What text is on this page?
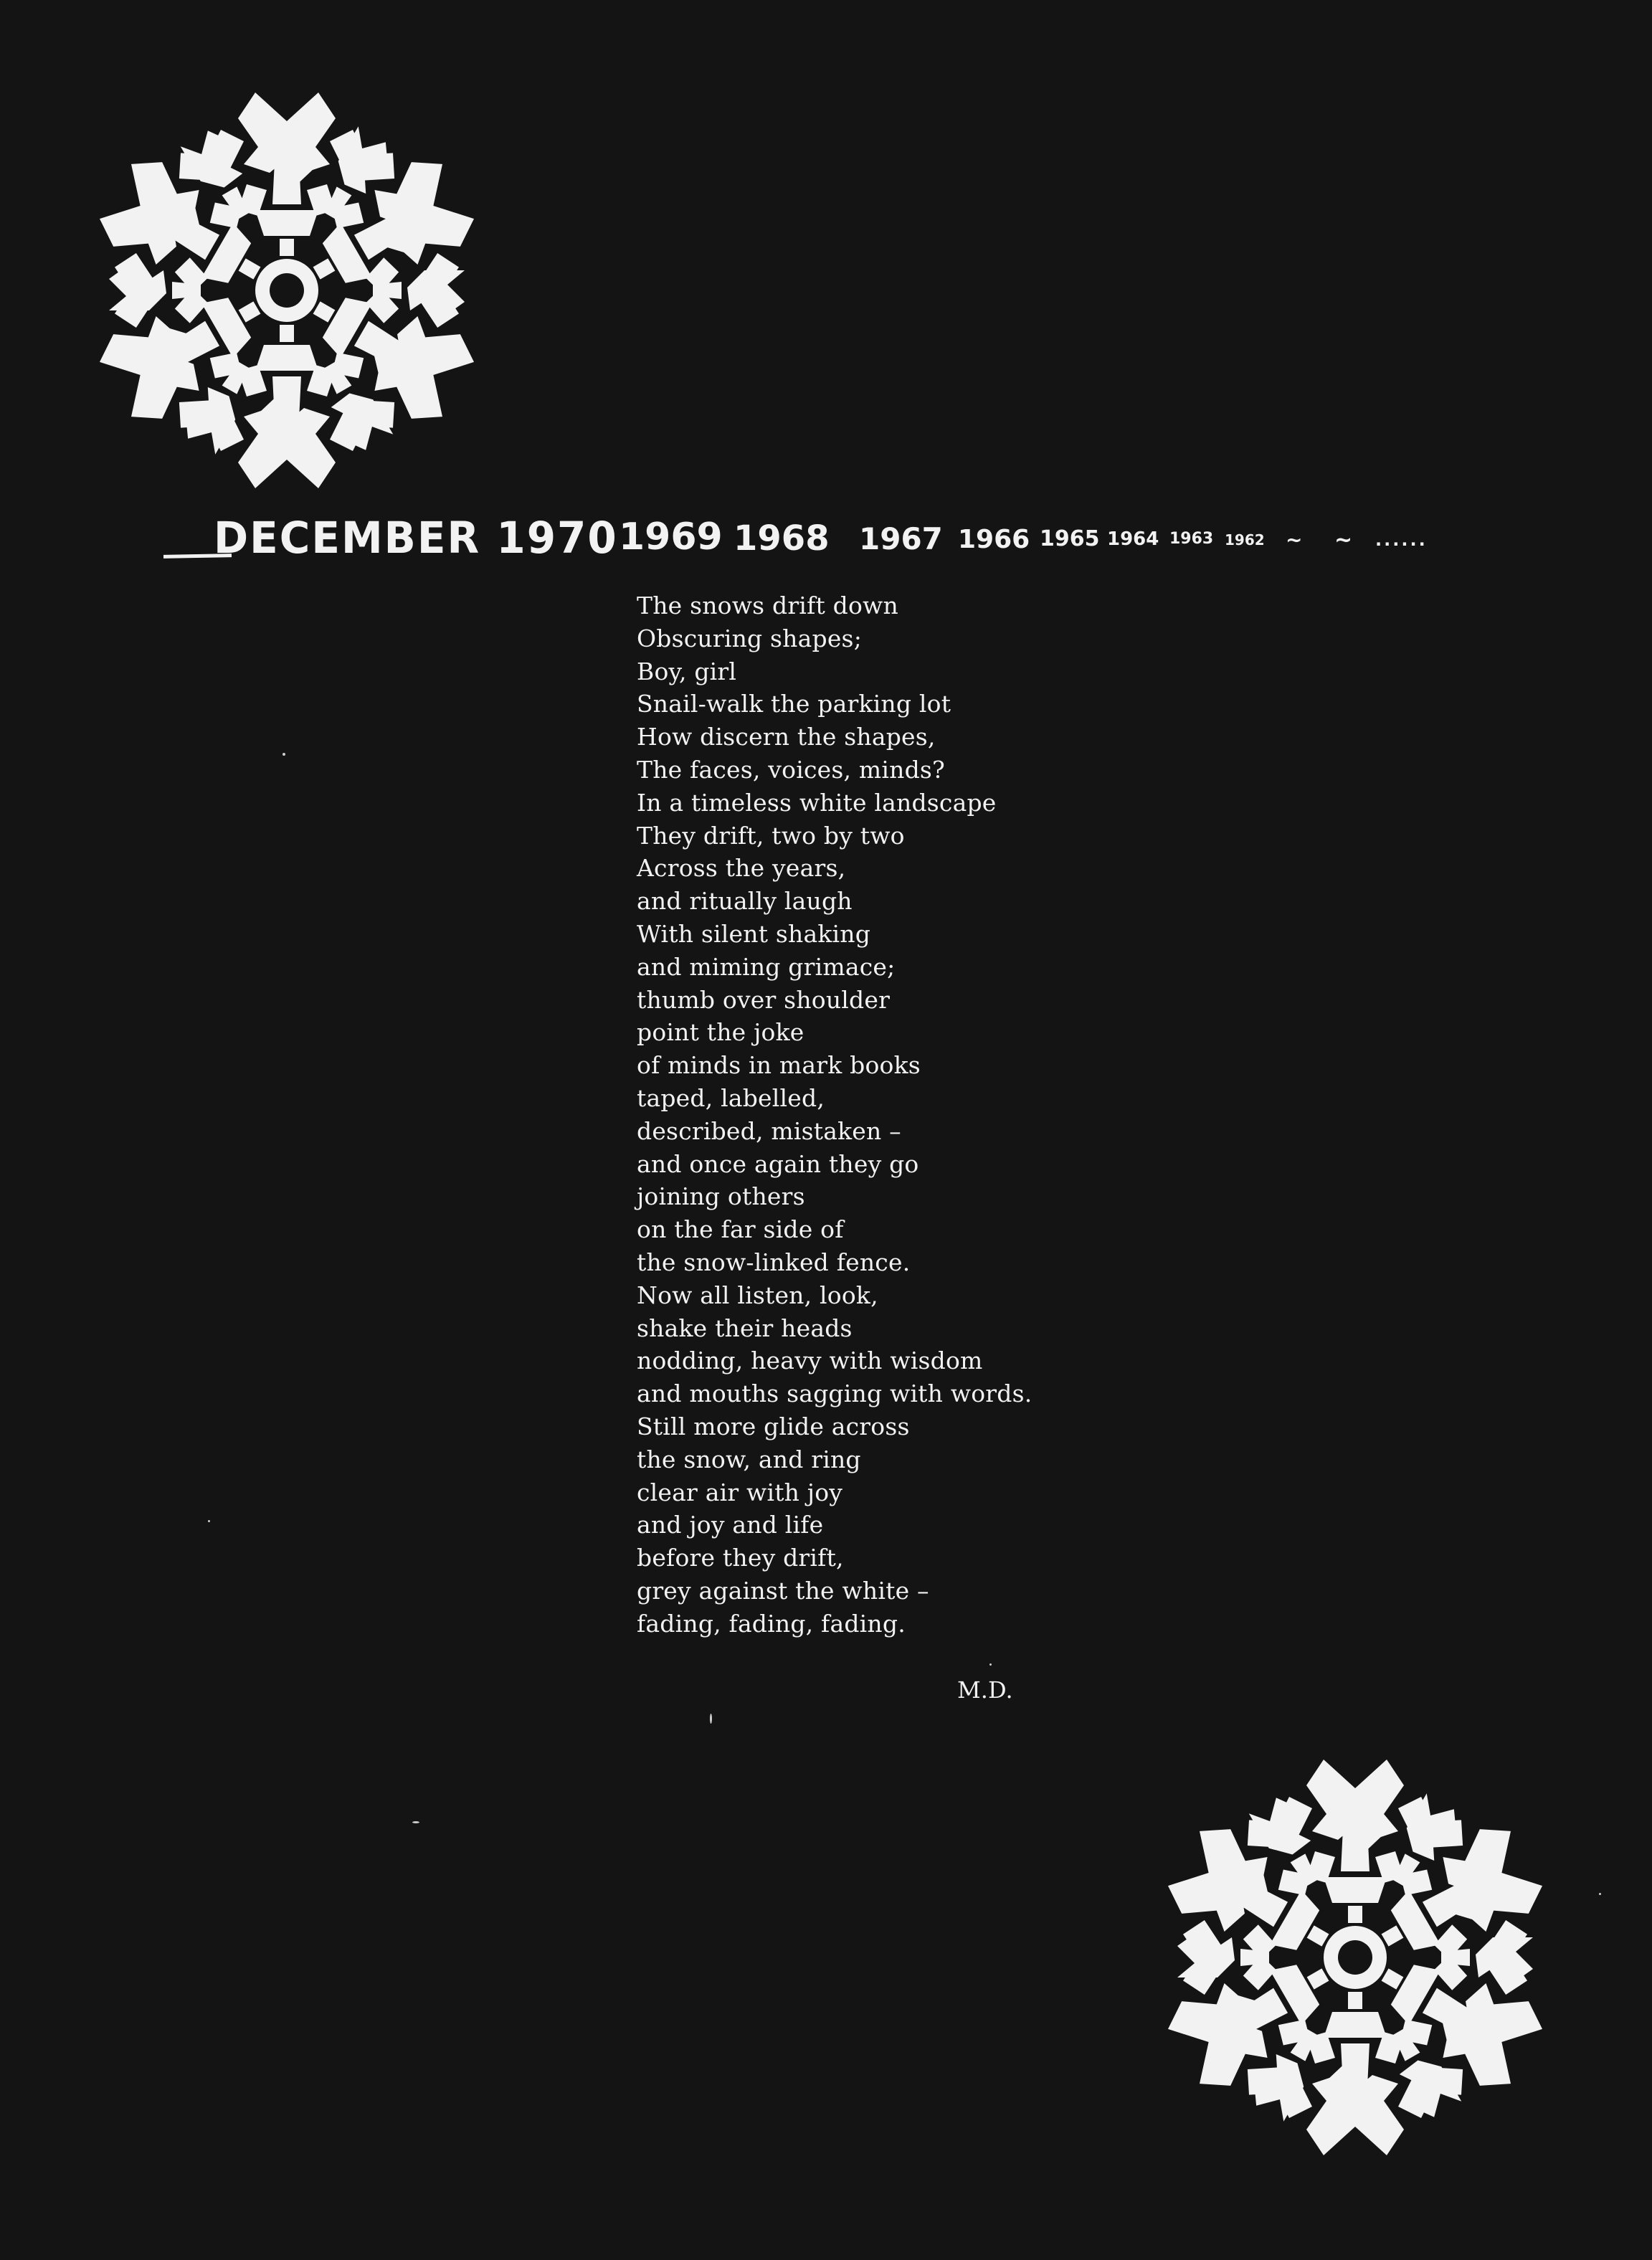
DECEMBER 1970 1969 1968 1967 1966 1965 1964 1963 1962 ~ ~ ......
The snows drift down
Obscuring shapes;
Boy, girl
Snail-walk the parking lot
How discern the shapes,
The faces, voices, minds?
In a timeless white landscape
They drift, two by two
Across the years,
and ritually laugh
With silent shaking
and miming grimace;
thumb over shoulder
point the joke
of minds in mark books
taped, labelled,
described, mistaken –
and once again they go
joining others
on the far side of
the snow-linked fence.
Now all listen, look,
shake their heads
nodding, heavy with wisdom
and mouths sagging with words.
Still more glide across
the snow, and ring
clear air with joy
and joy and life
before they drift,
grey against the white –
fading, fading, fading.
M.D.
